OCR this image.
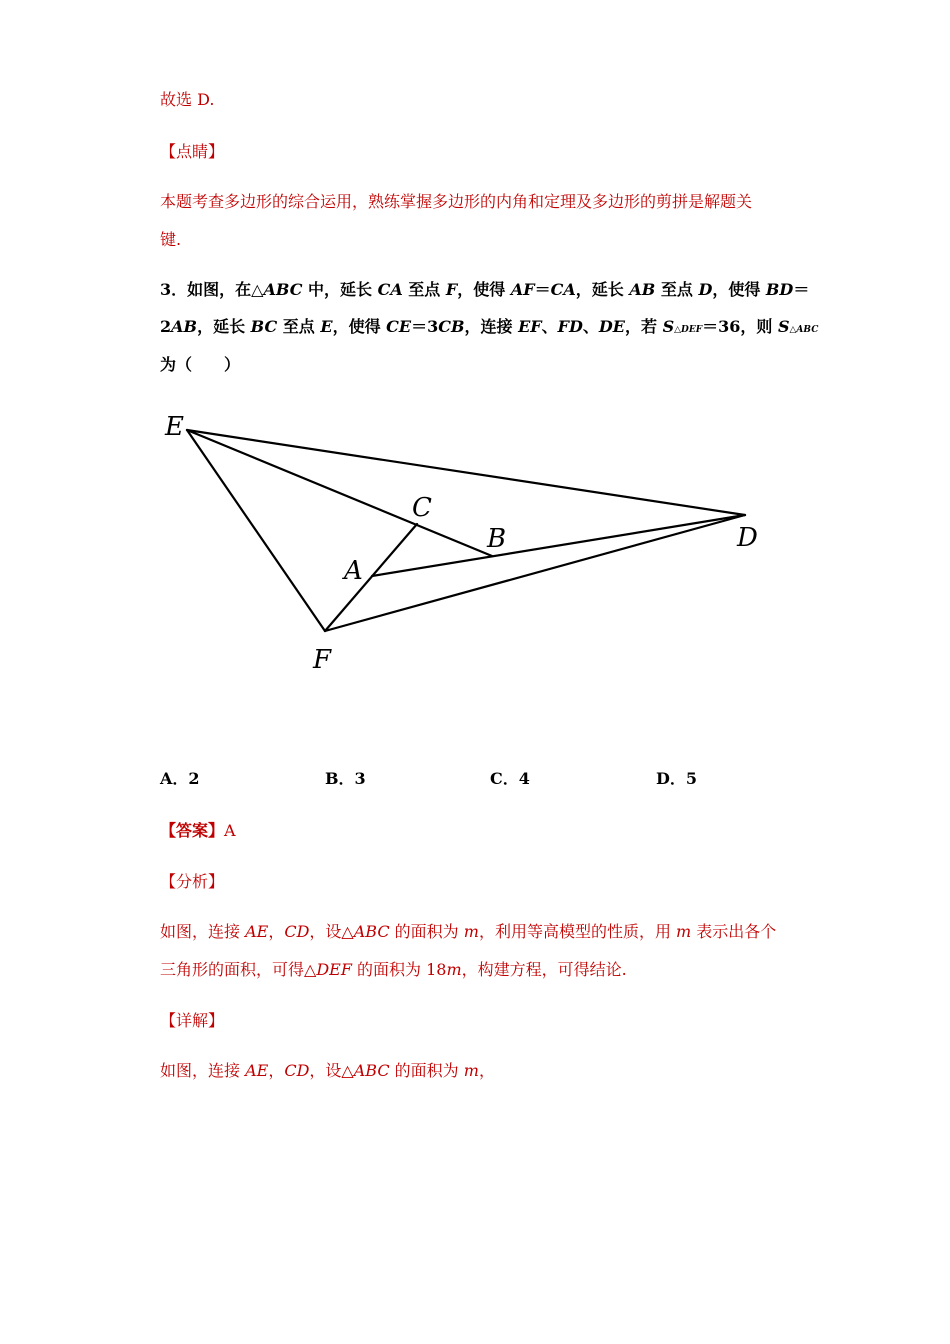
故选 D.
【点睛】
本题考查多边形的综合运用，熟练掌握多边形的内角和定理及多边形的剪拼是解题关
键.
3．如图，在△ABC 中，延长 CA 至点 F，使得 AF＝CA，延长 AB 至点 D，使得 BD＝
2AB，延长 BC 至点 E，使得 CE＝3CB，连接 EF、FD、DE，若 S△DEF＝36，则 S△ABC
为（　　）
E
C
B	D
A
F
A．2	B．3	C．4	D．5
【答案】A
【分析】
如图，连接 AE，CD，设△ABC 的面积为 m，利用等高模型的性质，用 m 表示出各个
三角形的面积，可得△DEF 的面积为 18m，构建方程，可得结论.
【详解】
如图，连接 AE，CD，设△ABC 的面积为 m，
